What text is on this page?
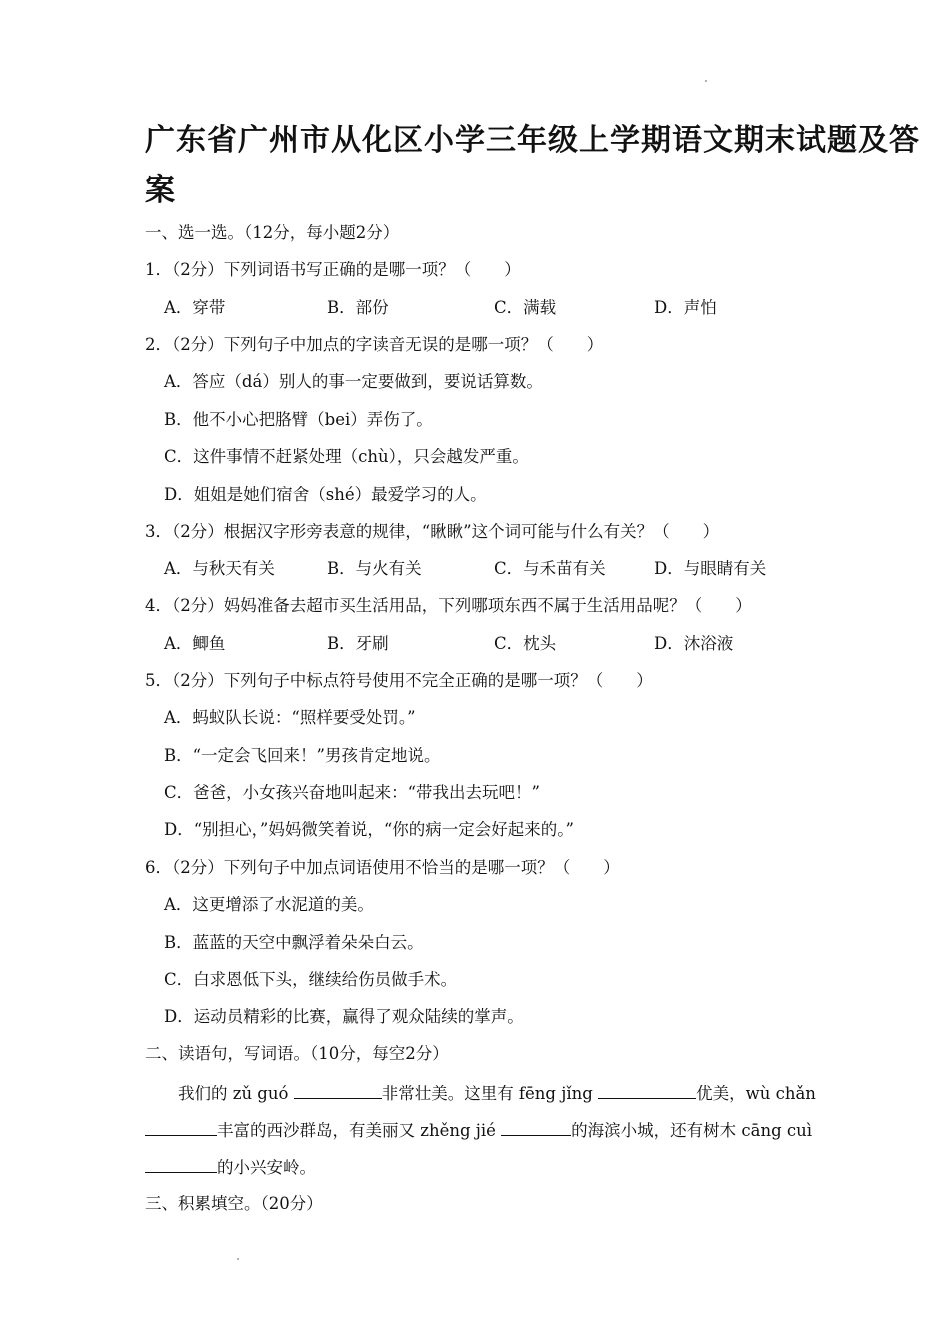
广东省广州市从化区小学三年级上学期语文期末试题及答
案
一、选一选。（12分，每小题2分）
1．（2分）下列词语书写正确的是哪一项？（　　）
A．穿带	B．部份	C．满载	D．声怕
2．（2分）下列句子中加点的字读音无误的是哪一项？（　　）
A．答应（dá）别人的事一定要做到，要说话算数。
B．他不小心把胳臂（bei）弄伤了。
C．这件事情不赶紧处理（chù），只会越发严重。
D．姐姐是她们宿舍（shé）最爱学习的人。
3．（2分）根据汉字形旁表意的规律，“瞅瞅”这个词可能与什么有关？（　　）
A．与秋天有关	B．与火有关	C．与禾苗有关	D．与眼睛有关
4．（2分）妈妈准备去超市买生活用品，下列哪项东西不属于生活用品呢？（　　）
A．鲫鱼	B．牙刷	C．枕头	D．沐浴液
5．（2分）下列句子中标点符号使用不完全正确的是哪一项？（　　）
A．蚂蚁队长说：“照样要受处罚。”
B．“一定会飞回来！”男孩肯定地说。
C．爸爸，小女孩兴奋地叫起来：“带我出去玩吧！”
D．“别担心，”妈妈微笑着说，“你的病一定会好起来的。”
6．（2分）下列句子中加点词语使用不恰当的是哪一项？（　　）
A．这更增添了水泥道的美。
B．蓝蓝的天空中飘浮着朵朵白云。
C．白求恩低下头，继续给伤员做手术。
D．运动员精彩的比赛，赢得了观众陆续的掌声。
二、读语句，写词语。（10分，每空2分）
我们的 zǔ guó	非常壮美。这里有 fēng jǐng	优美，wù chǎn
丰富的西沙群岛，有美丽又 zhěng jié	的海滨小城，还有树木 cāng cuì
的小兴安岭。
三、积累填空。（20分）
